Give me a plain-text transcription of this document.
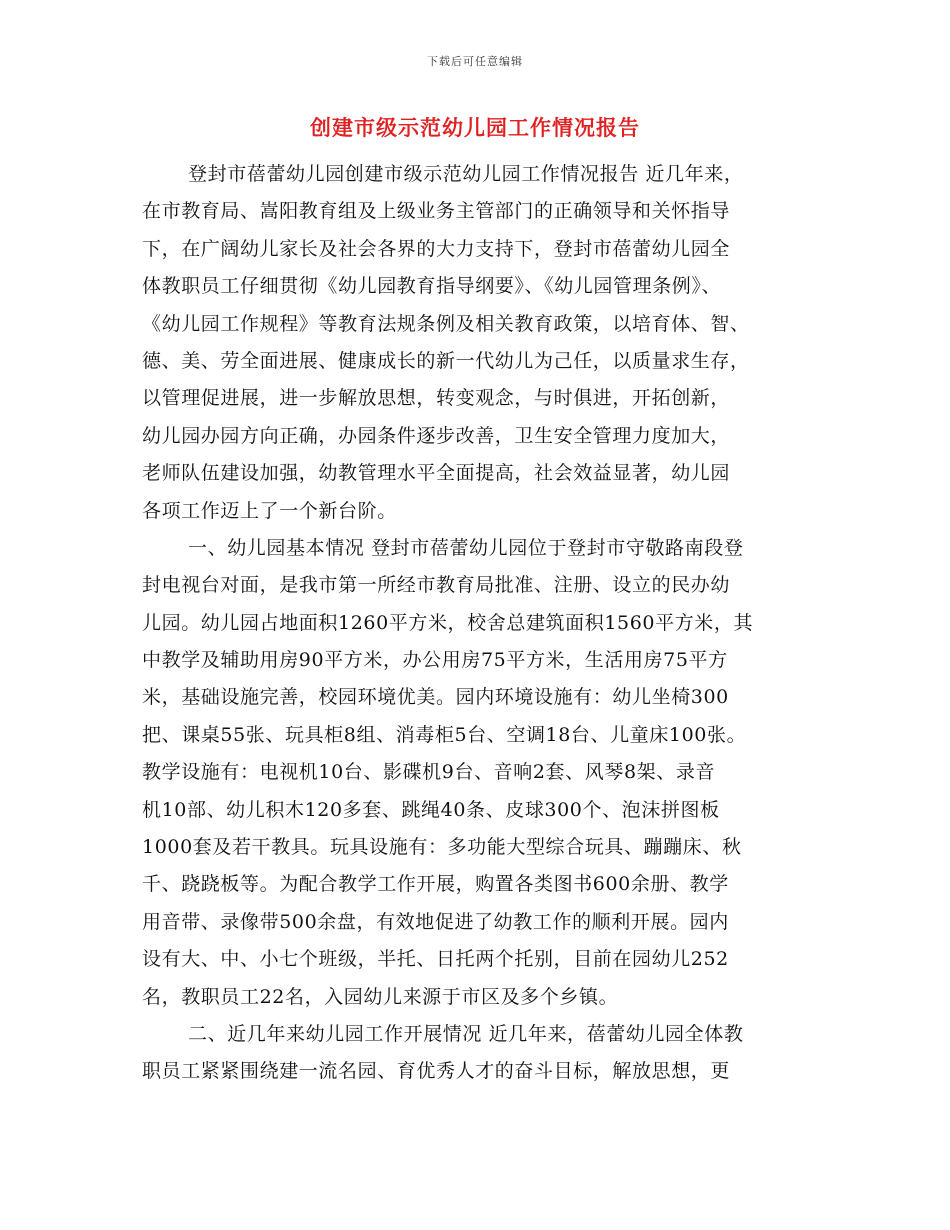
下载后可任意编辑
创建市级示范幼儿园工作情况报告
登封市蓓蕾幼儿园创建市级示范幼儿园工作情况报告 近几年来，
在市教育局、嵩阳教育组及上级业务主管部门的正确领导和关怀指导
下，在广阔幼儿家长及社会各界的大力支持下，登封市蓓蕾幼儿园全
体教职员工仔细贯彻《幼儿园教育指导纲要》、《幼儿园管理条例》、
《幼儿园工作规程》等教育法规条例及相关教育政策，以培育体、智、
德、美、劳全面进展、健康成长的新一代幼儿为己任，以质量求生存，
以管理促进展，进一步解放思想，转变观念，与时俱进，开拓创新，
幼儿园办园方向正确，办园条件逐步改善，卫生安全管理力度加大，
老师队伍建设加强，幼教管理水平全面提高，社会效益显著，幼儿园
各项工作迈上了一个新台阶。
一、幼儿园基本情况 登封市蓓蕾幼儿园位于登封市守敬路南段登
封电视台对面，是我市第一所经市教育局批准、注册、设立的民办幼
儿园。幼儿园占地面积1260平方米，校舍总建筑面积1560平方米，其
中教学及辅助用房90平方米，办公用房75平方米，生活用房75平方
米，基础设施完善，校园环境优美。园内环境设施有：幼儿坐椅300
把、课桌55张、玩具柜8组、消毒柜5台、空调18台、儿童床100张。
教学设施有：电视机10台、影碟机9台、音响2套、风琴8架、录音
机10部、幼儿积木120多套、跳绳40条、皮球300个、泡沫拼图板
1000套及若干教具。玩具设施有：多功能大型综合玩具、蹦蹦床、秋
千、跷跷板等。为配合教学工作开展，购置各类图书600余册、教学
用音带、录像带500余盘，有效地促进了幼教工作的顺利开展。园内
设有大、中、小七个班级，半托、日托两个托别，目前在园幼儿252
名，教职员工22名，入园幼儿来源于市区及多个乡镇。
二、近几年来幼儿园工作开展情况 近几年来，蓓蕾幼儿园全体教
职员工紧紧围绕建一流名园、育优秀人才的奋斗目标，解放思想，更
